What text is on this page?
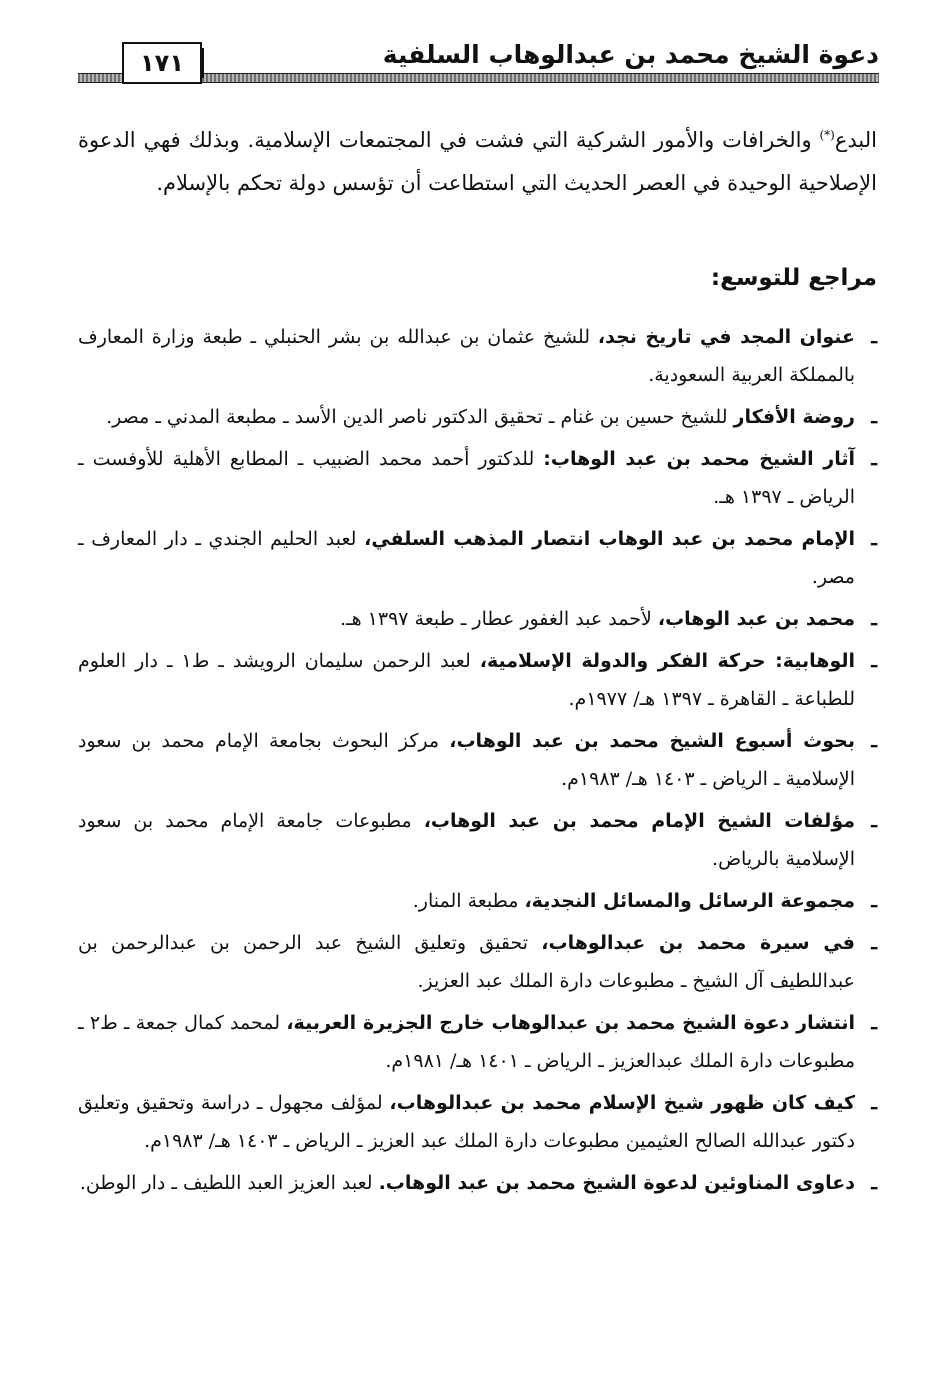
دعوة الشيخ محمد بن عبدالوهاب السلفية
١٧١

البدع(*) والخرافات والأمور الشركية التي فشت في المجتمعات الإسلامية. وبذلك فهي الدعوة الإصلاحية الوحيدة في العصر الحديث التي استطاعت أن تؤسس دولة تحكم بالإسلام.

مراجع للتوسع:
ـ
عنوان المجد في تاريخ نجد، للشيخ عثمان بن عبدالله بن بشر الحنبلي ـ طبعة وزارة المعارف بالمملكة العربية السعودية.
ـ
روضة الأفكار للشيخ حسين بن غنام ـ تحقيق الدكتور ناصر الدين الأسد ـ مطبعة المدني ـ مصر.
ـ
آثار الشيخ محمد بن عبد الوهاب: للدكتور أحمد محمد الضبيب ـ المطابع الأهلية للأوفست ـ الرياض ـ ١٣٩٧ هـ.
ـ
الإمام محمد بن عبد الوهاب انتصار المذهب السلفي، لعبد الحليم الجندي ـ دار المعارف ـ مصر.
ـ
محمد بن عبد الوهاب، لأحمد عبد الغفور عطار ـ طبعة ١٣٩٧ هـ.
ـ
الوهابية: حركة الفكر والدولة الإسلامية، لعبد الرحمن سليمان الرويشد ـ ط١ ـ دار العلوم للطباعة ـ القاهرة ـ ١٣٩٧ هـ/ ١٩٧٧م.
ـ
بحوث أسبوع الشيخ محمد بن عبد الوهاب، مركز البحوث بجامعة الإمام محمد بن سعود الإسلامية ـ الرياض ـ ١٤٠٣ هـ/ ١٩٨٣م.
ـ
مؤلفات الشيخ الإمام محمد بن عبد الوهاب، مطبوعات جامعة الإمام محمد بن سعود الإسلامية بالرياض.
ـ
مجموعة الرسائل والمسائل النجدية، مطبعة المنار.
ـ
في سيرة محمد بن عبدالوهاب، تحقيق وتعليق الشيخ عبد الرحمن بن عبدالرحمن بن عبداللطيف آل الشيخ ـ مطبوعات دارة الملك عبد العزيز.
ـ
انتشار دعوة الشيخ محمد بن عبدالوهاب خارج الجزيرة العربية، لمحمد كمال جمعة ـ ط٢ ـ مطبوعات دارة الملك عبدالعزيز ـ الرياض ـ ١٤٠١ هـ/ ١٩٨١م.
ـ
كيف كان ظهور شيخ الإسلام محمد بن عبدالوهاب، لمؤلف مجهول ـ دراسة وتحقيق وتعليق دكتور عبدالله الصالح العثيمين مطبوعات دارة الملك عبد العزيز ـ الرياض ـ ١٤٠٣ هـ/ ١٩٨٣م.
ـ
دعاوى المناوئين لدعوة الشيخ محمد بن عبد الوهاب. لعبد العزيز العبد اللطيف ـ دار الوطن.
